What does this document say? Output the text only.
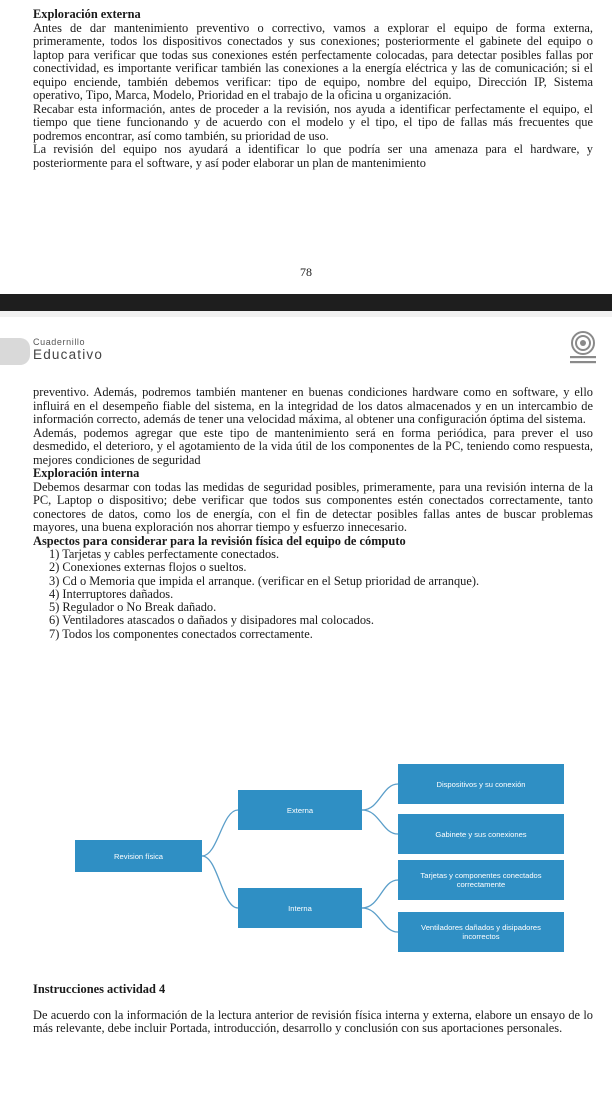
Exploración externa

Antes de dar mantenimiento preventivo o correctivo, vamos a explorar el equipo de forma externa, primeramente, todos los dispositivos conectados y sus conexiones; posteriormente el gabinete del equipo o laptop para verificar que todas sus conexiones estén perfectamente colocadas, para detectar posibles fallas por conectividad, es importante verificar también las conexiones a la energía eléctrica y las de comunicación; si el equipo enciende, también debemos verificar: tipo de equipo, nombre del equipo, Dirección IP, Sistema operativo, Tipo, Marca, Modelo, Prioridad en el trabajo de la oficina u organización.

Recabar esta información, antes de proceder a la revisión, nos ayuda a identificar perfectamente el equipo, el tiempo que tiene funcionando y de acuerdo con el modelo y el tipo, el tipo de fallas más frecuentes que podremos encontrar, así como también, su prioridad de uso.

La revisión del equipo nos ayudará a identificar lo que podría ser una amenaza para el hardware, y posteriormente para el software, y así poder elaborar un plan de mantenimiento

78
Cuadernillo
Educativo

preventivo. Además, podremos también mantener en buenas condiciones hardware como en software, y ello influirá en el desempeño fiable del sistema, en la integridad de los datos almacenados y en un intercambio de información correcto, además de tener una velocidad máxima, al obtener una configuración óptima del sistema.

Además, podemos agregar que este tipo de mantenimiento será en forma periódica, para prever el uso desmedido, el deterioro, y el agotamiento de la vida útil de los componentes de la PC, teniendo como respuesta, mejores condiciones de seguridad

Exploración interna

Debemos desarmar con todas las medidas de seguridad posibles, primeramente, para una revisión interna de la PC, Laptop o dispositivo; debe verificar que todos sus componentes estén conectados correctamente, tanto conectores de datos, como los de energía, con el fin de detectar posibles fallas antes de buscar problemas mayores, una buena exploración nos ahorrar tiempo y esfuerzo innecesario.

Aspectos para considerar para la revisión física del equipo de cómputo

1) Tarjetas y cables perfectamente conectados.
2) Conexiones externas flojos o sueltos.
3) Cd o Memoria que impida el arranque. (verificar en el Setup prioridad de arranque).
4) Interruptores dañados.
5) Regulador o No Break dañado.
6) Ventiladores atascados o dañados y disipadores mal colocados.
7) Todos los componentes conectados correctamente.
Revision física
Externa
Interna
Dispositivos y su conexión
Gabinete y sus conexiones
Tarjetas y componentes conectados correctamente
Ventiladores dañados y disipadores incorrectos

Instrucciones actividad 4

De acuerdo con la información de la lectura anterior de revisión física interna y externa, elabore un ensayo de lo más relevante, debe incluir Portada, introducción, desarrollo y conclusión con sus aportaciones personales.
